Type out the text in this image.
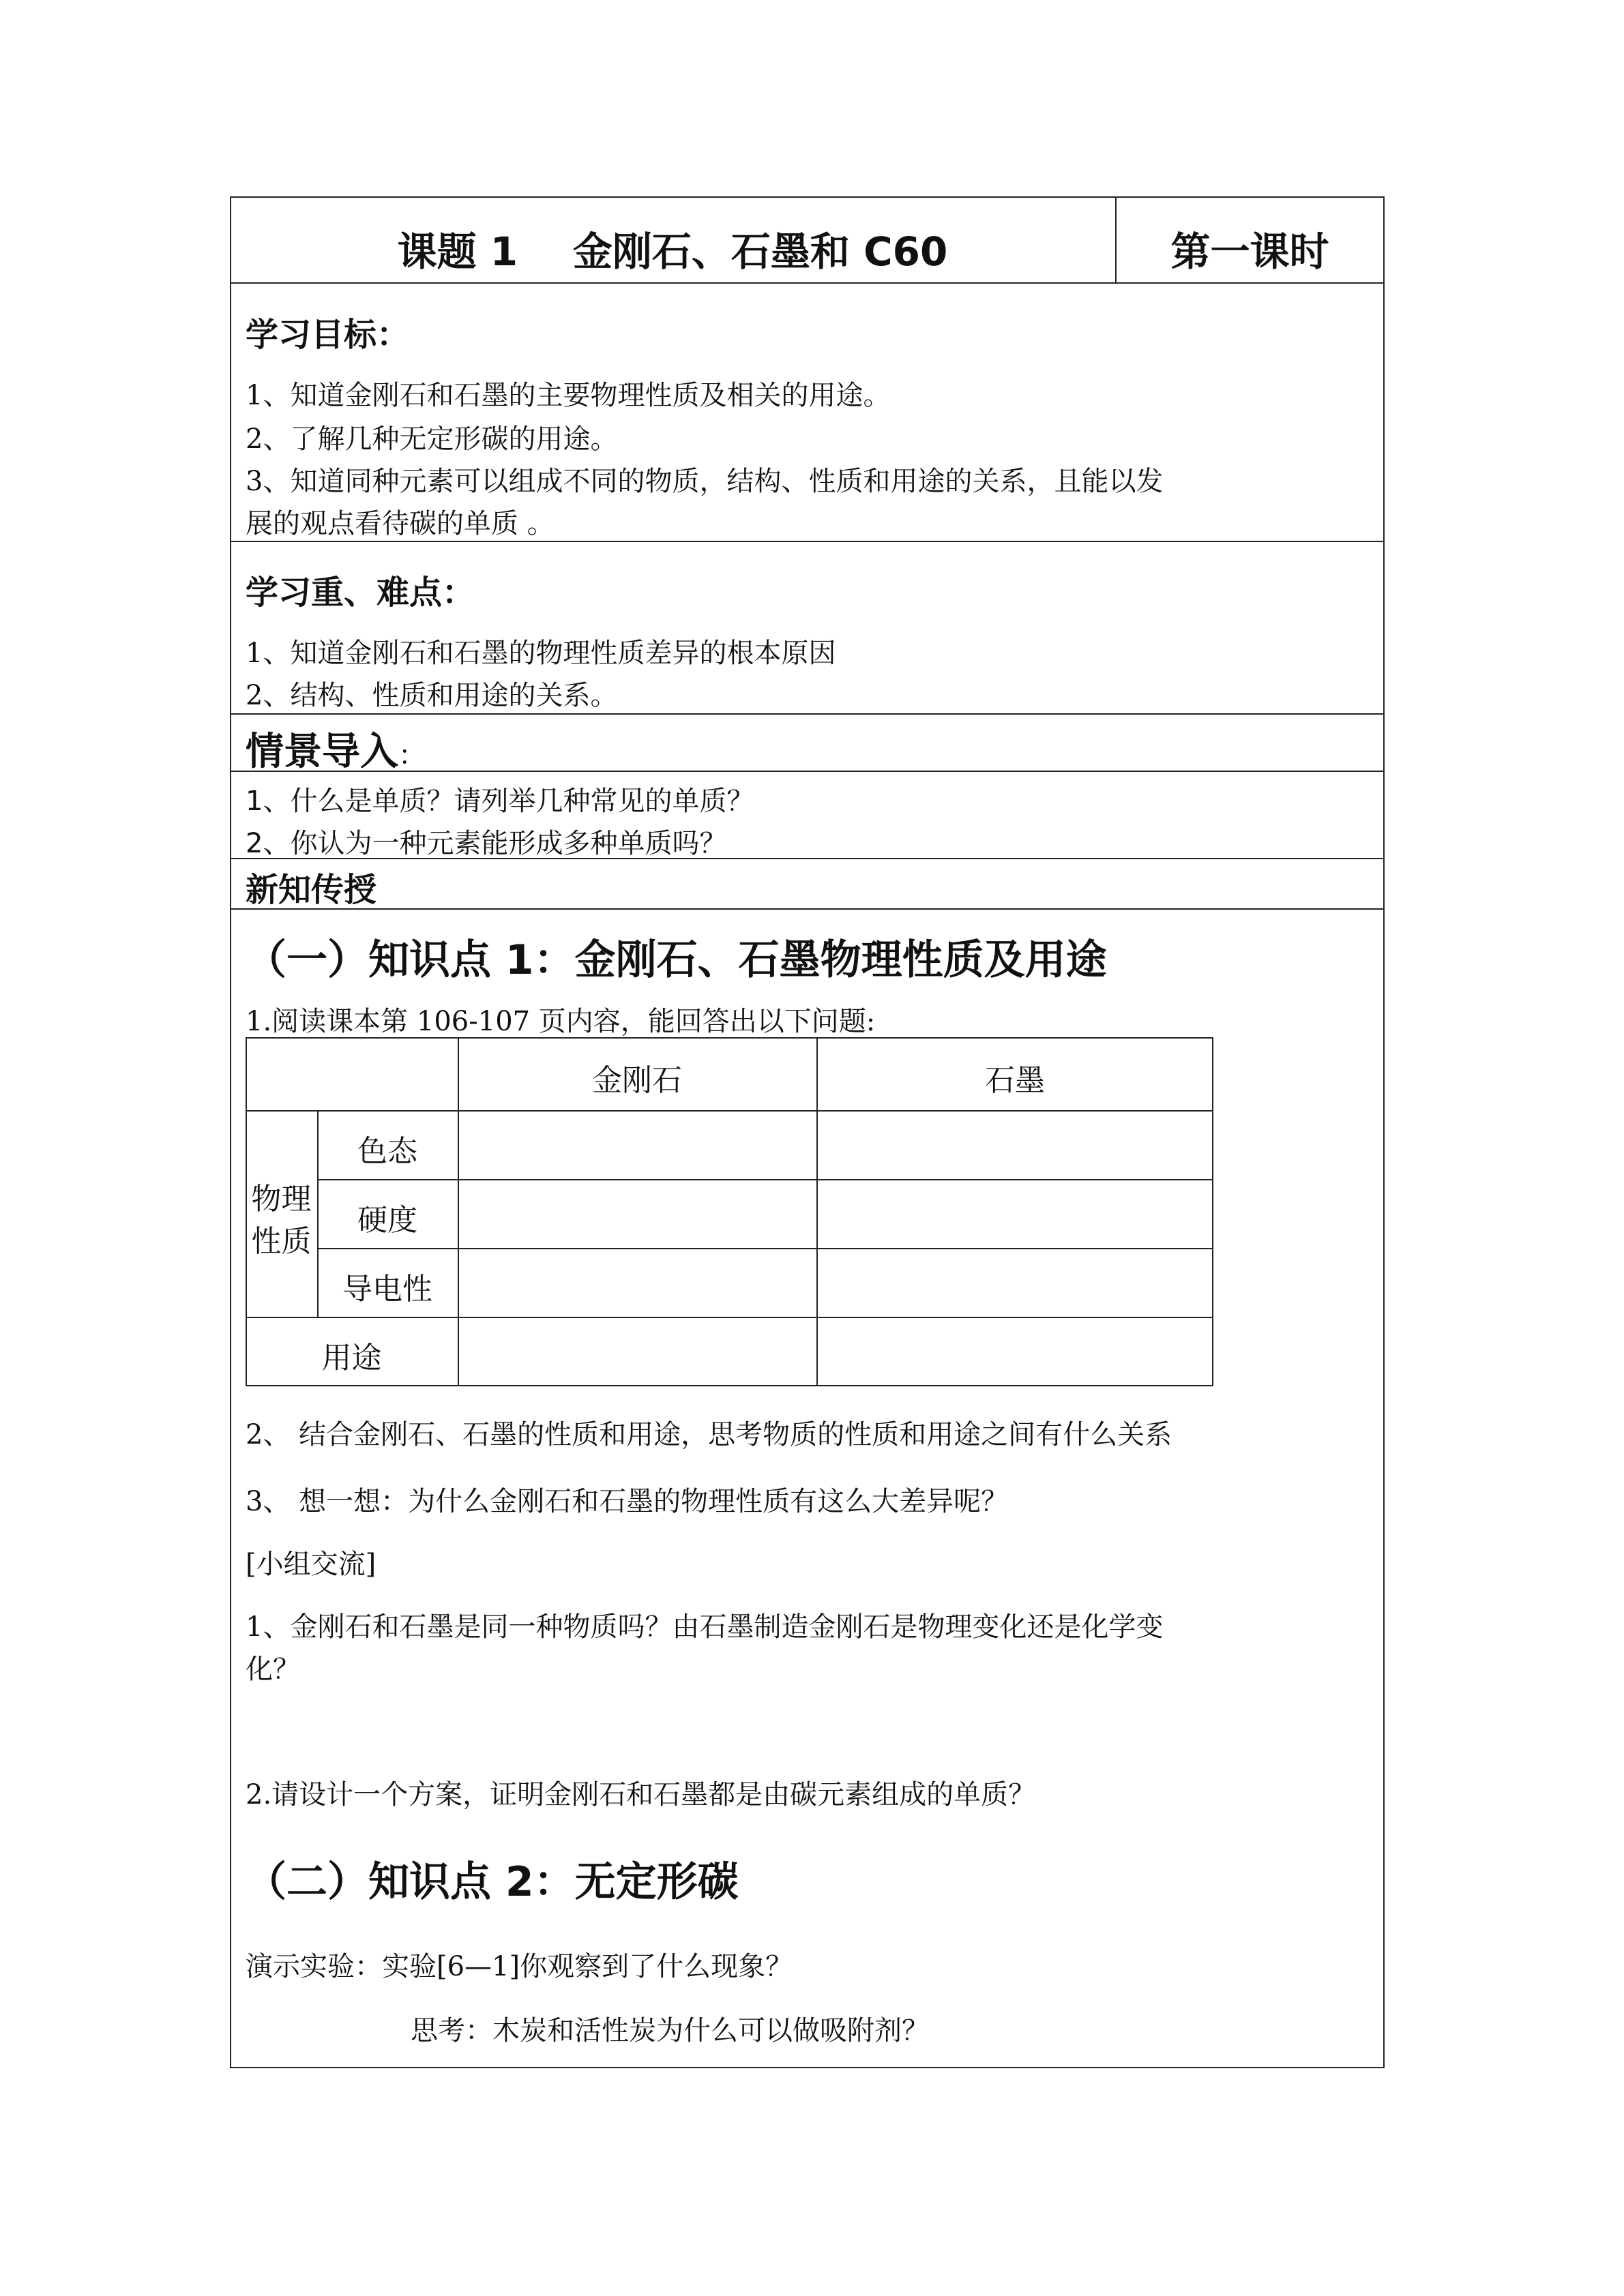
课题 1    金刚石、石墨和 C60	第一课时
学习目标：
1、知道金刚石和石墨的主要物理性质及相关的用途。
2、了解几种无定形碳的用途。
3、知道同种元素可以组成不同的物质，结构、性质和用途的关系，且能以发
展的观点看待碳的单质 。
学习重、难点：
1、知道金刚石和石墨的物理性质差异的根本原因
2、结构、性质和用途的关系。
情景导入：
1、什么是单质？请列举几种常见的单质？
2、你认为一种元素能形成多种单质吗？
新知传授
（一）知识点 1：金刚石、石墨物理性质及用途
1.阅读课本第 106-107 页内容，能回答出以下问题:
金刚石	石墨
物理
性质
色态
硬度
导电性
用途
2、 结合金刚石、石墨的性质和用途，思考物质的性质和用途之间有什么关系
3、 想一想：为什么金刚石和石墨的物理性质有这么大差异呢？
[小组交流]
1、金刚石和石墨是同一种物质吗？由石墨制造金刚石是物理变化还是化学变
化？
2.请设计一个方案，证明金刚石和石墨都是由碳元素组成的单质？
（二）知识点 2：无定形碳
演示实验：实验[6—1]你观察到了什么现象？
思考：木炭和活性炭为什么可以做吸附剂？
